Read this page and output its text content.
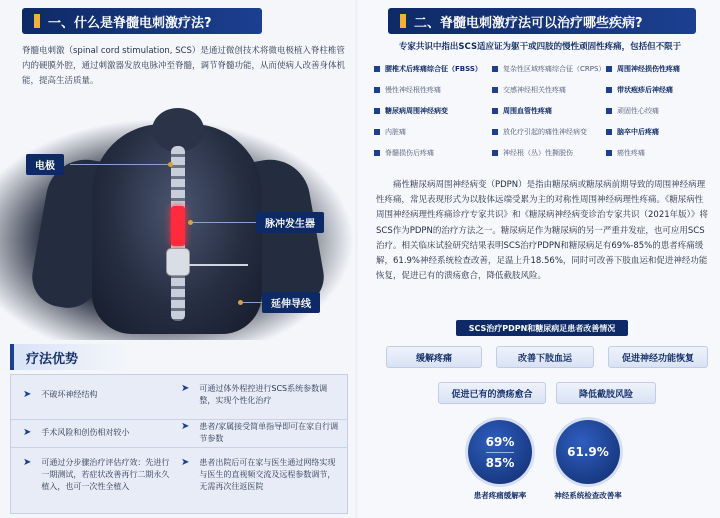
一、什么是脊髓电刺激疗法?
脊髓电刺激（spinal cord stimulation, SCS）是通过微创技术将微电极植入脊柱椎管内的硬膜外腔，通过刺激器发放电脉冲至脊髓，调节脊髓功能，从而使病人改善身体机能，提高生活质量。
电极
脉冲发生器
延伸导线
疗法优势
➤ 不破坏神经结构
➤ 可通过体外程控进行SCS系统参数调整，实现个性化治疗
➤ 手术风险和创伤相对较小
➤ 患者/家属接受简单指导即可在家自行调节参数
➤ 可通过分步骤治疗评估疗效：先进行一期测试，若症状改善再行二期永久植入，也可一次性全植入
➤ 患者出院后可在家与医生通过网络实现与医生的直视频交流及远程参数调节，无需再次往返医院
二、脊髓电刺激疗法可以治疗哪些疾病?
专家共识中指出SCS适应证为躯干或四肢的慢性顽固性疼痛，包括但不限于
腰椎术后疼痛综合征（FBSS）	复杂性区域疼痛综合征（CRPS） 周围神经损伤性疼痛
慢性神经根性疼痛	交感神经相关性疼痛	带状疱疹后神经痛
糖尿病周围神经病变	周围血管性疼痛	顽固性心绞痛
内脏痛	放化疗引起的痛性神经病变	脑卒中后疼痛
脊髓损伤后疼痛	神经根（丛）性撕脱伤	癌性疼痛
痛性糖尿病周围神经病变（PDPN）是指由糖尿病或糖尿病前期导致的周围神经病理性疼痛，常见表现形式为以肢体远端受累为主的对称性周围神经病理性疼痛。《糖尿病性周围神经病理性疼痛诊疗专家共识》和《糖尿病神经病变诊治专家共识（2021年版）》将SCS作为PDPN的治疗方法之一。糖尿病足作为糖尿病的另一严重并发症，也可应用SCS治疗。相关临床试验研究结果表明SCS治疗PDPN和糖尿病足有69%-85%的患者疼痛缓解，61.9%神经系统检查改善，足温上升18.56%，同时可改善下肢血运和促进神经功能恢复，促进已有的溃疡愈合，降低截肢风险。
SCS治疗PDPN和糖尿病足患者改善情况
缓解疼痛	改善下肢血运	促进神经功能恢复
促进已有的溃疡愈合	降低截肢风险
69%
85%
患者疼痛缓解率
61.9%
神经系统检查改善率
